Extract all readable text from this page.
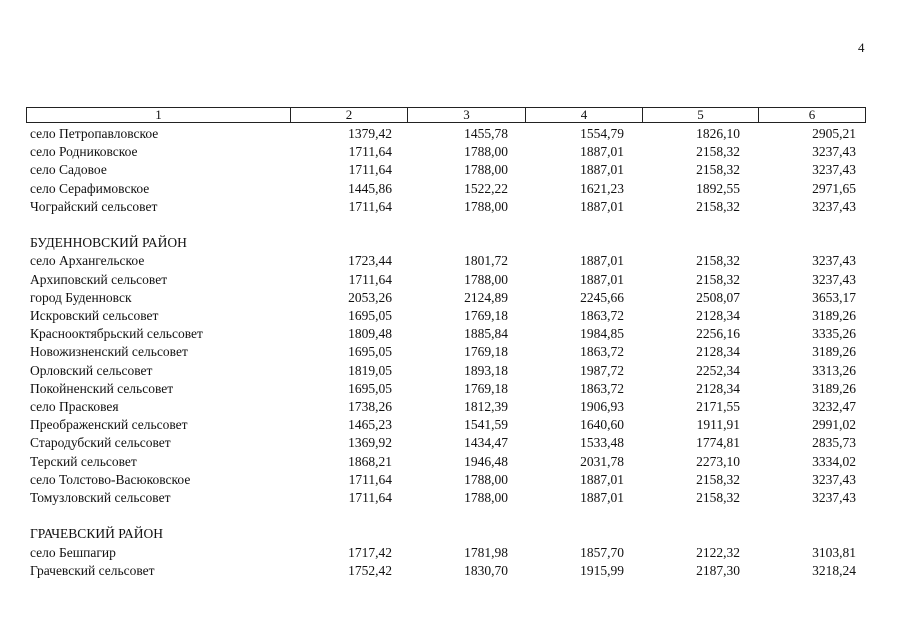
4
1	2	3	4	5	6
село Петропавловское	1379,42	1455,78	1554,79	1826,10	2905,21
село Родниковское	1711,64	1788,00	1887,01	2158,32	3237,43
село Садовое	1711,64	1788,00	1887,01	2158,32	3237,43
село Серафимовское	1445,86	1522,22	1621,23	1892,55	2971,65
Чограйский сельсовет	1711,64	1788,00	1887,01	2158,32	3237,43
БУДЕННОВСКИЙ РАЙОН
село Архангельское	1723,44	1801,72	1887,01	2158,32	3237,43
Архиповский сельсовет	1711,64	1788,00	1887,01	2158,32	3237,43
город Буденновск	2053,26	2124,89	2245,66	2508,07	3653,17
Искровский сельсовет	1695,05	1769,18	1863,72	2128,34	3189,26
Краснооктябрьский сельсовет	1809,48	1885,84	1984,85	2256,16	3335,26
Новожизненский сельсовет	1695,05	1769,18	1863,72	2128,34	3189,26
Орловский сельсовет	1819,05	1893,18	1987,72	2252,34	3313,26
Покойненский сельсовет	1695,05	1769,18	1863,72	2128,34	3189,26
село Прасковея	1738,26	1812,39	1906,93	2171,55	3232,47
Преображенский сельсовет	1465,23	1541,59	1640,60	1911,91	2991,02
Стародубский сельсовет	1369,92	1434,47	1533,48	1774,81	2835,73
Терский сельсовет	1868,21	1946,48	2031,78	2273,10	3334,02
село Толстово-Васюковское	1711,64	1788,00	1887,01	2158,32	3237,43
Томузловский сельсовет	1711,64	1788,00	1887,01	2158,32	3237,43
ГРАЧЕВСКИЙ РАЙОН
село Бешпагир	1717,42	1781,98	1857,70	2122,32	3103,81
Грачевский сельсовет	1752,42	1830,70	1915,99	2187,30	3218,24
